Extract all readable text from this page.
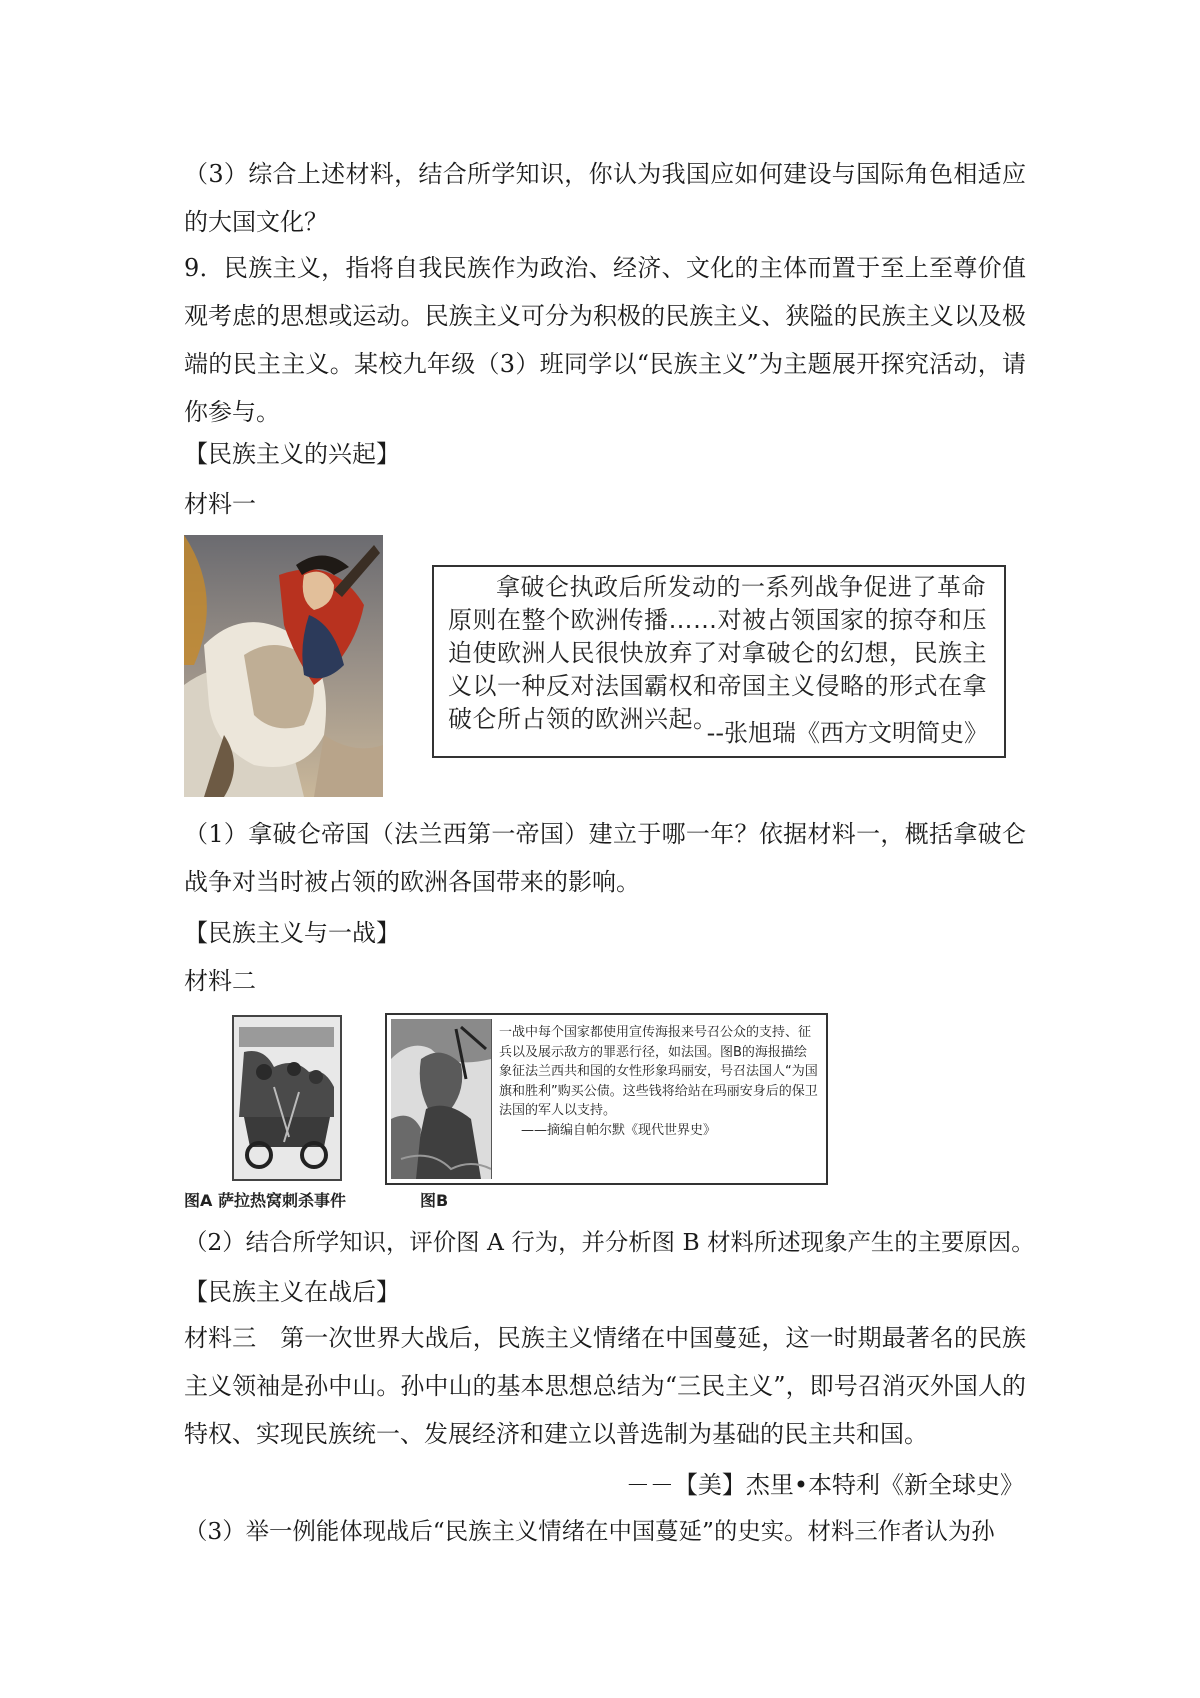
（3）综合上述材料，结合所学知识，你认为我国应如何建设与国际角色相适应的大国文化？

9．民族主义，指将自我民族作为政治、经济、文化的主体而置于至上至尊价值观考虑的思想或运动。民族主义可分为积极的民族主义、狭隘的民族主义以及极端的民主主义。某校九年级（3）班同学以“民族主义”为主题展开探究活动，请你参与。

【民族主义的兴起】
材料一
拿破仑执政后所发动的一系列战争促进了革命原则在整个欧洲传播……对被占领国家的掠夺和压迫使欧洲人民很快放弃了对拿破仑的幻想，民族主义以一种反对法国霸权和帝国主义侵略的形式在拿破仑所占领的欧洲兴起。
--张旭瑞《西方文明简史》

（1）拿破仑帝国（法兰西第一帝国）建立于哪一年？依据材料一，概括拿破仑战争对当时被占领的欧洲各国带来的影响。

【民族主义与一战】
材料二
一战中每个国家都使用宣传海报来号召公众的支持、征兵以及展示敌方的罪恶行径，如法国。图B的海报描绘象征法兰西共和国的女性形象玛丽安，号召法国人“为国旗和胜利”购买公债。这些钱将给站在玛丽安身后的保卫法国的军人以支持。
——摘编自帕尔默《现代世界史》
图A 萨拉热窝刺杀事件	图B
（2）结合所学知识，评价图 A 行为，并分析图 B 材料所述现象产生的主要原因。
【民族主义在战后】

材料三　第一次世界大战后，民族主义情绪在中国蔓延，这一时期最著名的民族主义领袖是孙中山。孙中山的基本思想总结为“三民主义”，即号召消灭外国人的特权、实现民族统一、发展经济和建立以普选制为基础的民主共和国。

－－【美】杰里•本特利《新全球史》
（3）举一例能体现战后“民族主义情绪在中国蔓延”的史实。材料三作者认为孙
